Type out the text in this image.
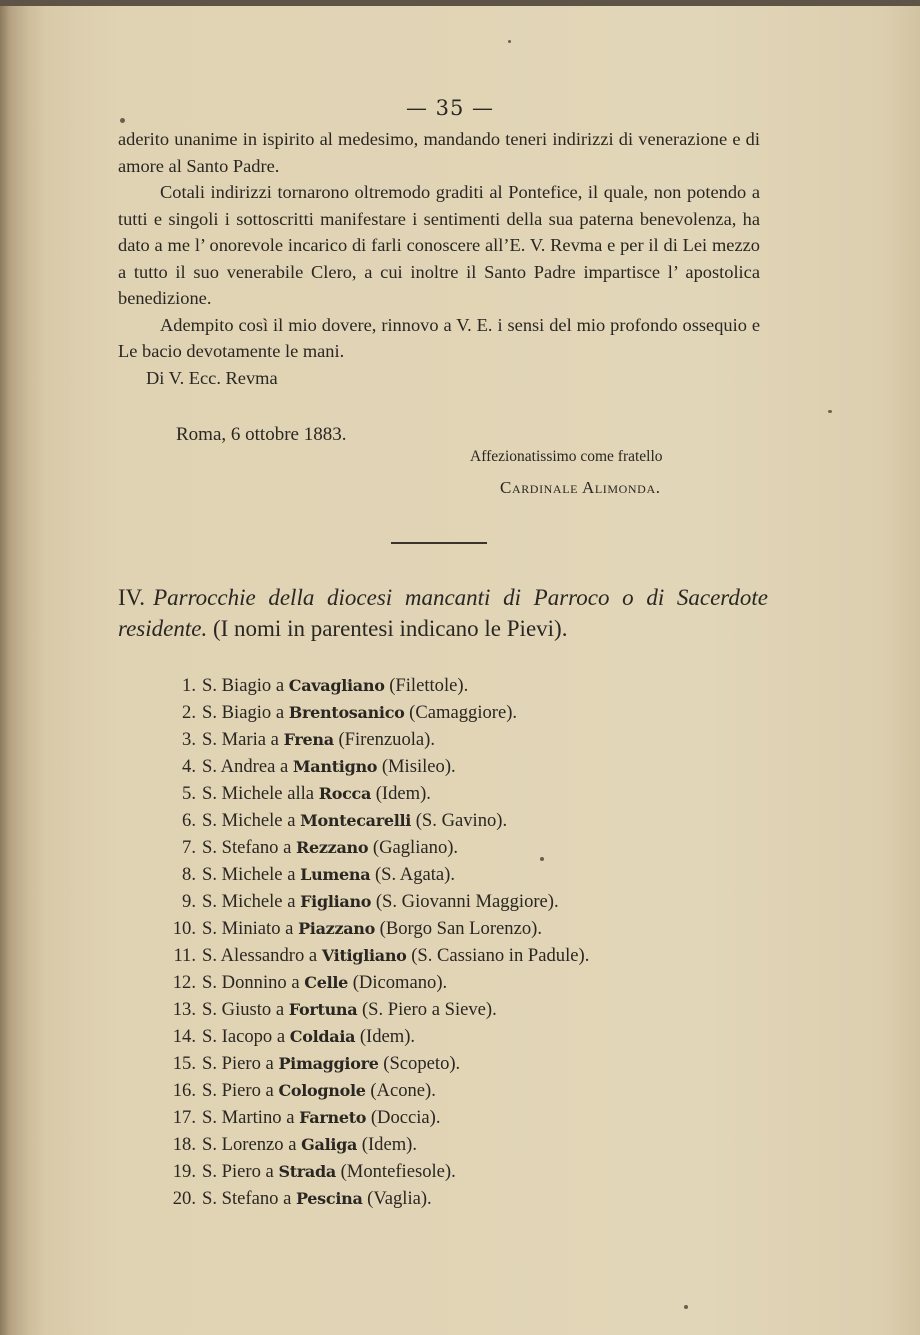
— 35 —

aderito unanime in ispirito al medesimo, mandando teneri indirizzi di venerazione e di amore al Santo Padre.

Cotali indirizzi tornarono oltremodo graditi al Pontefice, il quale, non potendo a tutti e singoli i sottoscritti manifestare i sentimenti della sua paterna benevolenza, ha dato a me l’ onorevole incarico di farli conoscere all’E. V. Revma e per il di Lei mezzo a tutto il suo venerabile Clero, a cui inoltre il Santo Padre impartisce l’ apostolica benedizione.

Adempito così il mio dovere, rinnovo a V. E. i sensi del mio profondo ossequio e Le bacio devotamente le mani.

Di V. Ecc. Revma

Roma, 6 ottobre 1883.
Affezionatissimo come fratello
Cardinale Alimonda.
IV. Parrocchie della diocesi mancanti di Parroco o di Sacerdote residente. (I nomi in parentesi indicano le Pievi).
1. S. Biagio a Cavagliano (Filettole).
2. S. Biagio a Brentosanico (Camaggiore).
3. S. Maria a Frena (Firenzuola).
4. S. Andrea a Mantigno (Misileo).
5. S. Michele alla Rocca (Idem).
6. S. Michele a Montecarelli (S. Gavino).
7. S. Stefano a Rezzano (Gagliano).
8. S. Michele a Lumena (S. Agata).
9. S. Michele a Figliano (S. Giovanni Maggiore).
10. S. Miniato a Piazzano (Borgo San Lorenzo).
11. S. Alessandro a Vitigliano (S. Cassiano in Padule).
12. S. Donnino a Celle (Dicomano).
13. S. Giusto a Fortuna (S. Piero a Sieve).
14. S. Iacopo a Coldaia (Idem).
15. S. Piero a Pimaggiore (Scopeto).
16. S. Piero a Colognole (Acone).
17. S. Martino a Farneto (Doccia).
18. S. Lorenzo a Galiga (Idem).
19. S. Piero a Strada (Montefiesole).
20. S. Stefano a Pescina (Vaglia).
